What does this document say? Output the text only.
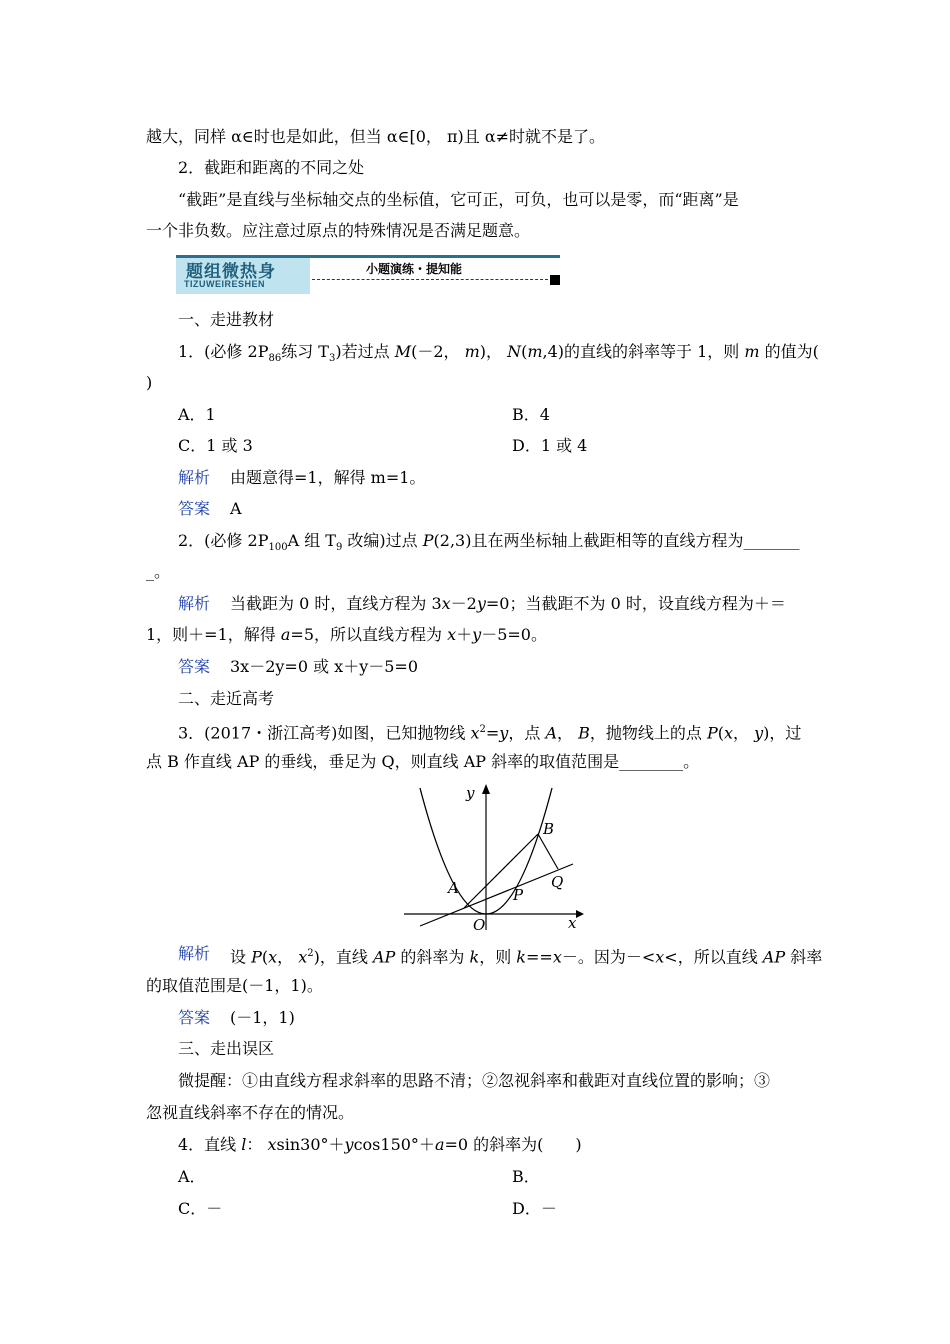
越大，同样 α∈时也是如此，但当 α∈[0， π)且 α≠时就不是了。
2．截距和距离的不同之处
“截距”是直线与坐标轴交点的坐标值，它可正，可负，也可以是零，而“距离”是
一个非负数。应注意过原点的特殊情况是否满足题意。
题组微热身
TIZUWEIRESHEN
小题演练・提知能
一、走进教材
1．(必修 $2P_{86}$练习 $T_3$)若过点 M(－2， m)， N(m,4)的直线的斜率等于 1，则 m 的值为(
)
A．1	B．4
C．1 或 3	D．1 或 4
解析 由题意得=1，解得 m=1。
答案 A
2．(必修 $2P_{100}A$ 组 $T_9$ 改编)过点 P(2,3)且在两坐标轴上截距相等的直线方程为_______
_。
解析 当截距为 0 时，直线方程为 3x－2y=0；当截距不为 0 时，设直线方程为＋＝
1，则＋=1，解得 a=5，所以直线方程为 x＋y－5=0。
答案 3x－2y=0 或 x＋y－5=0
二、走近高考
3．(2017・浙江高考)如图，已知抛物线 $x^2=y$，点 A， B，抛物线上的点 P(x， y)，过
点 B 作直线 AP 的垂线，垂足为 Q，则直线 AP 斜率的取值范围是________。
y
x
O
A
B
P
Q
解析 设 P(x， $x^2$)，直线 AP 的斜率为 k，则 k==x－。因为－<x<，所以直线 AP 斜率
的取值范围是(－1，1)。
答案 (－1，1)
三、走出误区
微提醒：①由直线方程求斜率的思路不清；②忽视斜率和截距对直线位置的影响；③
忽视直线斜率不存在的情况。
4．直线 l： xsin30°＋ycos150°＋a=0 的斜率为(　　)
A．	B．
C．－	D．－
